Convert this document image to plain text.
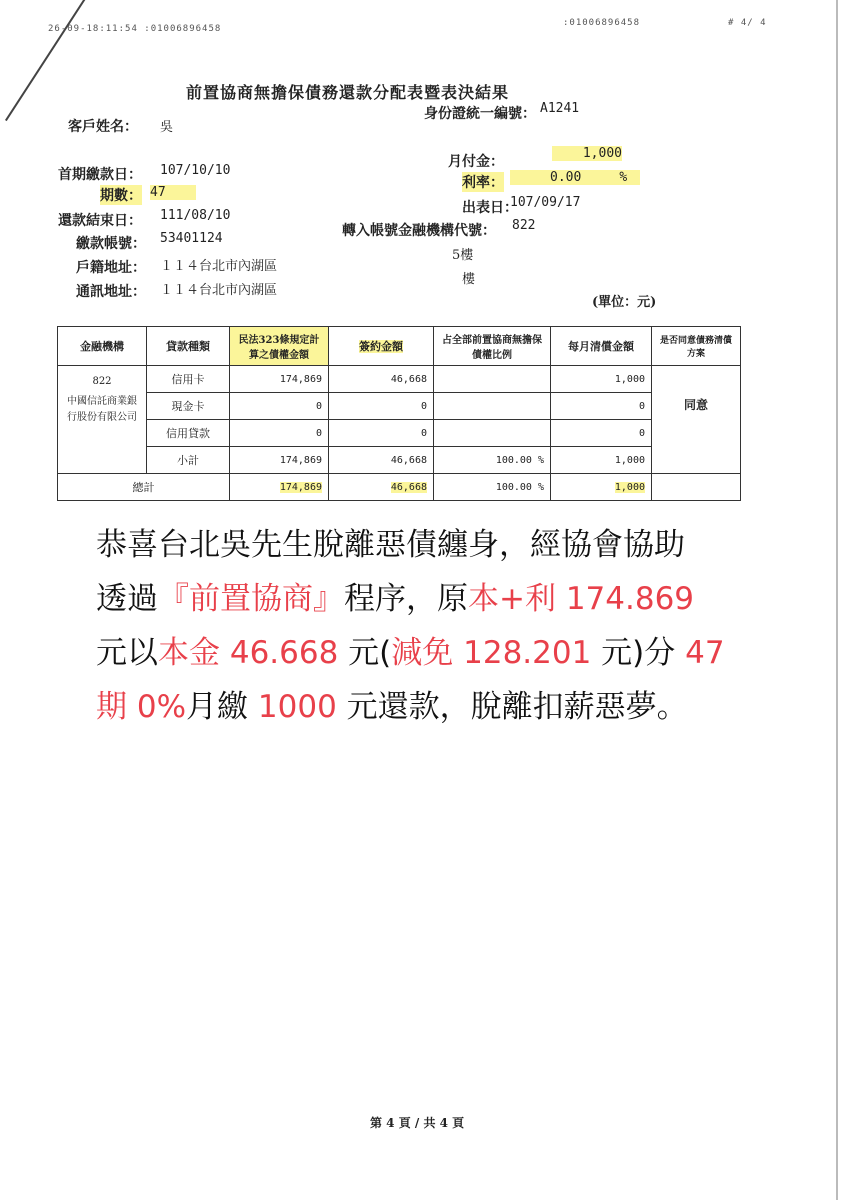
26-09-18:11:54 :01006896458
:01006896458	# 4/ 4
前置協商無擔保債務還款分配表暨表決結果
客戶姓名： 吳
首期繳款日： 107/10/10
期數： 47
還款結束日： 111/08/10
繳款帳號： 53401124
戶籍地址： １１４台北市內湖區
通訊地址： １１４台北市內湖區
身份證統一編號： A1241
月付金：
1,000
利率：	0.00	%
出表日：
107/09/17
轉入帳號金融機構代號： 822
5樓
樓
(單位：元)
金融機構	貸款種類	民法323條規定計算之債權金額	簽約金額	占全部前置協商無擔保債權比例	每月清償金額	是否同意債務清償方案

822
中國信託商業銀行股份有限公司	信用卡	174,869	46,668		1,000	同意
	現金卡	0	0		0	
	信用貸款	0	0		0	
	小計	174,869	46,668	100.00 %	1,000	
總計		174,869	46,668	100.00 %	1,000	
恭喜台北吳先生脫離惡債纏身，經協會協助
透過『前置協商』程序，原本+利 174.869
元以本金 46.668 元(減免 128.201 元)分 47
期 0%月繳 1000 元還款，脫離扣薪惡夢。
第 4 頁 / 共 4 頁
